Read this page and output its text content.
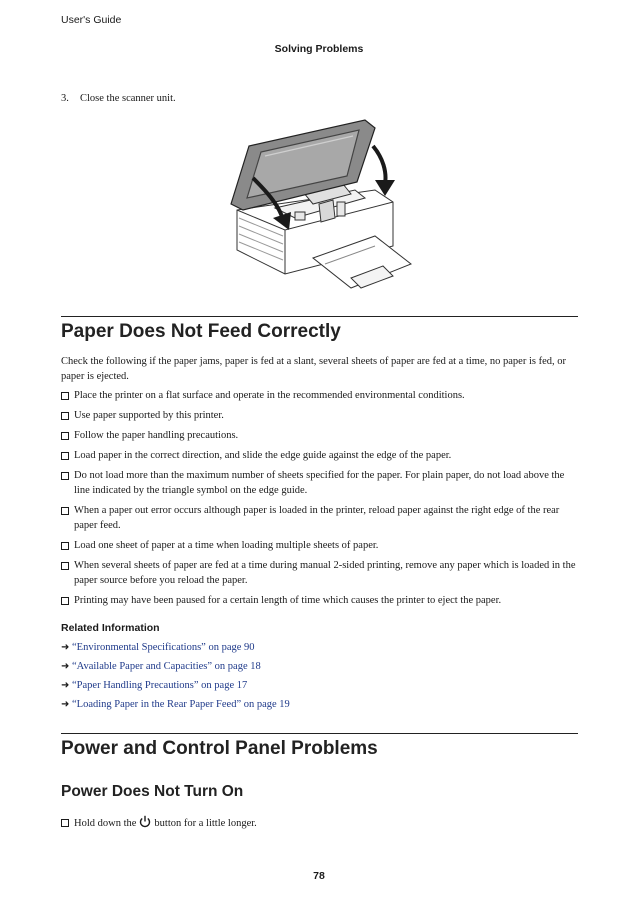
User's Guide
Solving Problems
3. Close the scanner unit.
Paper Does Not Feed Correctly
Check the following if the paper jams, paper is fed at a slant, several sheets of paper are fed at a time, no paper is fed, or paper is ejected.
Place the printer on a flat surface and operate in the recommended environmental conditions.
Use paper supported by this printer.
Follow the paper handling precautions.
Load paper in the correct direction, and slide the edge guide against the edge of the paper.
Do not load more than the maximum number of sheets specified for the paper. For plain paper, do not load above the line indicated by the triangle symbol on the edge guide.
When a paper out error occurs although paper is loaded in the printer, reload paper against the right edge of the rear paper feed.
Load one sheet of paper at a time when loading multiple sheets of paper.
When several sheets of paper are fed at a time during manual 2-sided printing, remove any paper which is loaded in the paper source before you reload the paper.
Printing may have been paused for a certain length of time which causes the printer to eject the paper.
Related Information
➜ “Environmental Specifications” on page 90
➜ “Available Paper and Capacities” on page 18
➜ “Paper Handling Precautions” on page 17
➜ “Loading Paper in the Rear Paper Feed” on page 19
Power and Control Panel Problems
Power Does Not Turn On
Hold down the button for a little longer.
78
